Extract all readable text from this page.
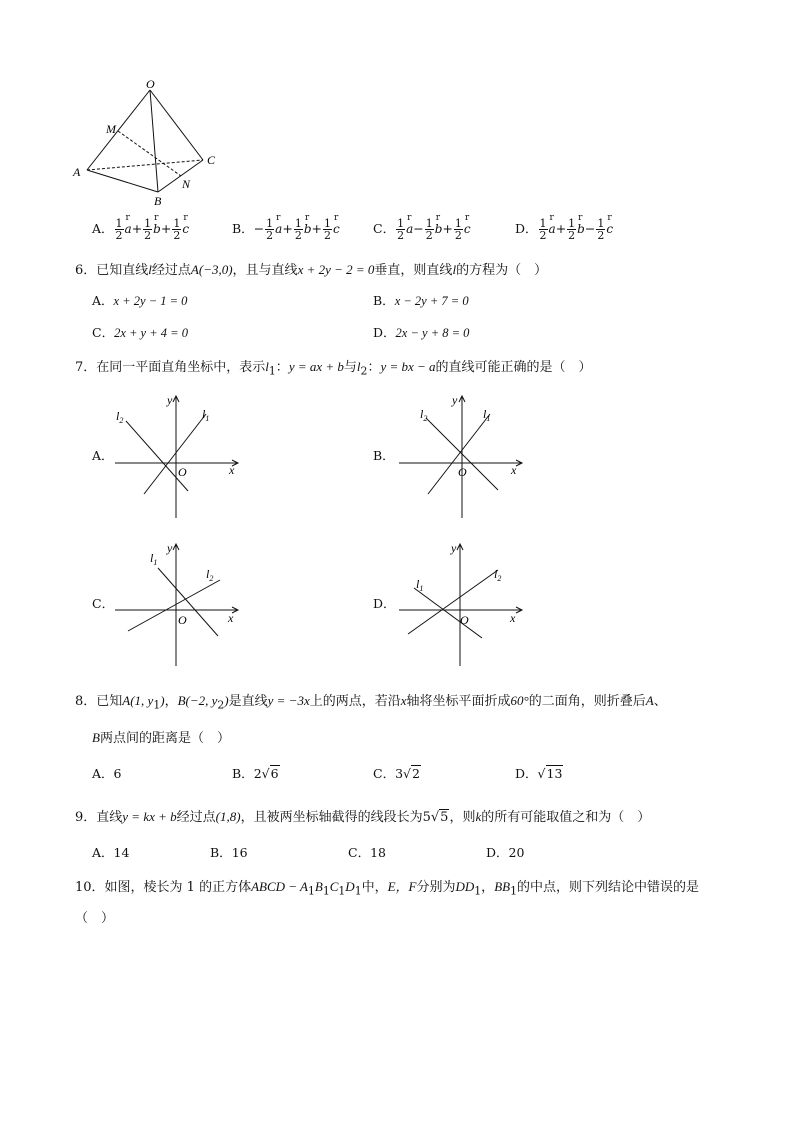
O
M
A
B
C
N
A． $\frac{1}{2}$ r
$a+ \frac{1}{2}$ r
$b+ \frac{1}{2}$ r
c	B．− $\frac{1}{2}$ r
$a+ \frac{1}{2}$ r
$b+ \frac{1}{2}$ r
c	C． $\frac{1}{2}$ r
$a- \frac{1}{2}$ r
$b+ \frac{1}{2}$ r
c	D． $\frac{1}{2}$ r
$a+ \frac{1}{2}$ r
$b- \frac{1}{2}$ r
c
6．已知直线l经过点A(−3,0)，且与直线x + 2y − 2 = 0垂直，则直线l的方程为（　）
A．x + 2y − 1 = 0	B．x − 2y + 7 = 0
C．2x + y + 4 = 0	D．2x − y + 8 = 0
7．在同一平面直角坐标中，表示$l_1$：y = ax + b与$l_2$：y = bx − a的直线可能正确的是（　）
A．	B．
C．	D．
x
y
O
$l_1$
$l_2$
x
y
O
$l_1$
$l_2$
x
y
O
$l_1$
$l_2$
x
y
O
$l_1$
$l_2$
8．已知A(1, $y_1$)，B(−2, $y_2$)是直线y = −3x上的两点，若沿x轴将坐标平面折成60°的二面角，则折叠后A、
B两点间的距离是（　）
A．6	B．2√6	C．3√2	D．√13
9．直线y = kx + b经过点(1,8)，且被两坐标轴截得的线段长为5√5，则k的所有可能取值之和为（　）
A．14	B．16	C．18	D．20
10．如图，棱长为 1 的正方体ABCD − $A_1B_1C_1D_1$中，E，F分别为$DD_1$，$BB_1$的中点，则下列结论中错误的是
（　）
